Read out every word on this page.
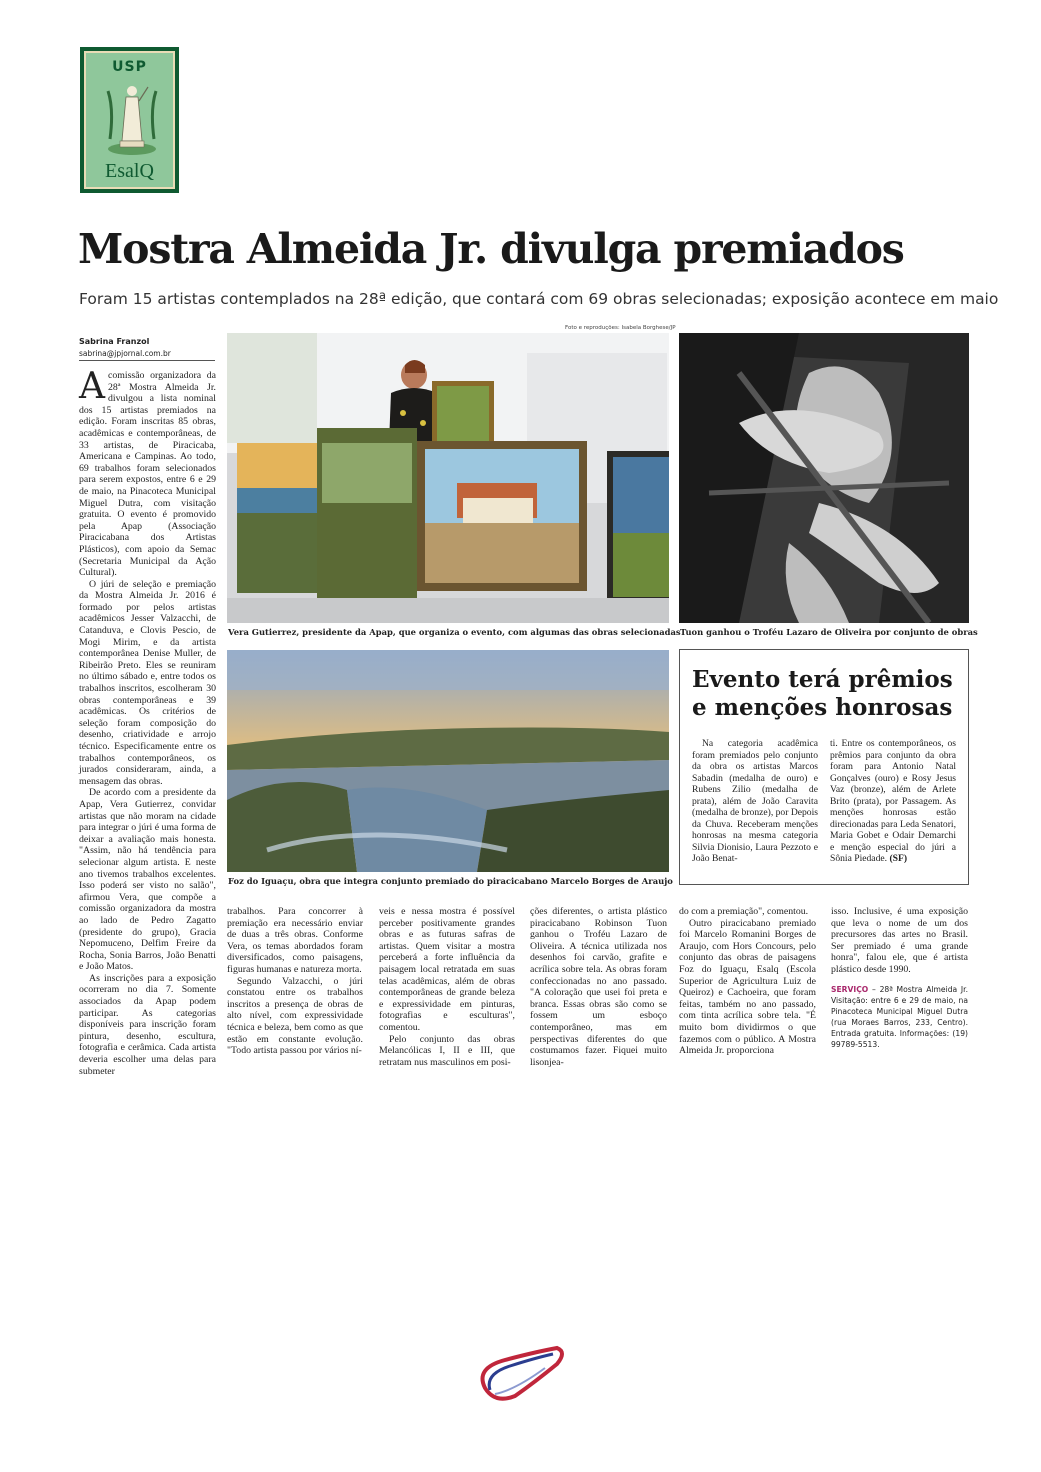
USP
EsalQ
Mostra Almeida Jr. divulga premiados
Foram 15 artistas contemplados na 28ª edição, que contará com 69 obras selecionadas; exposição acontece em maio
Sabrina Franzol
sabrina@jpjornal.com.br
Foto e reproduções: Isabela Borghese/JP
Vera Gutierrez, presidente da Apap, que organiza o evento, com algumas das obras selecionadas Tuon ganhou o Troféu Lazaro de Oliveira por conjunto de obras
Foz do Iguaçu, obra que integra conjunto premiado do piracicabano Marcelo Borges de Araujo

Acomissão organizadora da 28ª Mostra Almeida Jr. divulgou a lista nominal dos 15 artistas premiados na edição. Foram inscritas 85 obras, acadêmicas e contemporâneas, de 33 artistas, de Piracicaba, Americana e Campinas. Ao todo, 69 trabalhos foram selecionados para serem expostos, entre 6 e 29 de maio, na Pinacoteca Municipal Miguel Dutra, com visitação gratuita. O evento é promovido pela Apap (Associação Piracicabana dos Artistas Plásticos), com apoio da Semac (Secretaria Municipal da Ação Cultural).

O júri de seleção e premiação da Mostra Almeida Jr. 2016 é formado por pelos artistas acadêmicos Jesser Valzacchi, de Catanduva, e Clovis Pescio, de Mogi Mirim, e da artista contemporânea Denise Muller, de Ribeirão Preto. Eles se reuniram no último sábado e, entre todos os trabalhos inscritos, escolheram 30 obras contemporâneas e 39 acadêmicas. Os critérios de seleção foram composição do desenho, criatividade e arrojo técnico. Especificamente entre os trabalhos contemporâneos, os jurados consideraram, ainda, a mensagem das obras.

De acordo com a presidente da Apap, Vera Gutierrez, convidar artistas que não moram na cidade para integrar o júri é uma forma de deixar a avaliação mais honesta. "Assim, não há tendência para selecionar algum artista. E neste ano tivemos trabalhos excelentes. Isso poderá ser visto no salão", afirmou Vera, que compõe a comissão organizadora da mostra ao lado de Pedro Zagatto (presidente do grupo), Gracia Nepomuceno, Delfim Freire da Rocha, Sonia Barros, João Benatti e João Matos.

As inscrições para a exposição ocorreram no dia 7. Somente associados da Apap podem participar. As categorias disponíveis para inscrição foram pintura, desenho, escultura, fotografia e cerâmica. Cada artista deveria escolher uma delas para submeter

trabalhos. Para concorrer à premiação era necessário enviar de duas a três obras. Conforme Vera, os temas abordados foram diversificados, como paisagens, figuras humanas e natureza morta.

Segundo Valzacchi, o júri constatou entre os trabalhos inscritos a presença de obras de alto nível, com expressividade técnica e beleza, bem como as que estão em constante evolução. "Todo artista passou por vários ní-

veis e nessa mostra é possível perceber positivamente grandes obras e as futuras safras de artistas. Quem visitar a mostra perceberá a forte influência da paisagem local retratada em suas telas acadêmicas, além de obras contemporâneas de grande beleza e expressividade em pinturas, fotografias e esculturas", comentou.

Pelo conjunto das obras Melancólicas I, II e III, que retratam nus masculinos em posi-

ções diferentes, o artista plástico piracicabano Robinson Tuon ganhou o Troféu Lazaro de Oliveira. A técnica utilizada nos desenhos foi carvão, grafite e acrílica sobre tela. As obras foram confeccionadas no ano passado. "A coloração que usei foi preta e branca. Essas obras são como se fossem um esboço contemporâneo, mas em perspectivas diferentes do que costumamos fazer. Fiquei muito lisonjea-

do com a premiação", comentou.

Outro piracicabano premiado foi Marcelo Romanini Borges de Araujo, com Hors Concours, pelo conjunto das obras de paisagens Foz do Iguaçu, Esalq (Escola Superior de Agricultura Luiz de Queiroz) e Cachoeira, que foram feitas, também no ano passado, com tinta acrílica sobre tela. "É muito bom dividirmos o que fazemos com o público. A Mostra Almeida Jr. proporciona

isso. Inclusive, é uma exposição que leva o nome de um dos precursores das artes no Brasil. Ser premiado é uma grande honra", falou ele, que é artista plástico desde 1990.

SERVIÇO – 28ª Mostra Almeida Jr. Visitação: entre 6 e 29 de maio, na Pinacoteca Municipal Miguel Dutra (rua Moraes Barros, 233, Centro). Entrada gratuita. Informações: (19) 99789-5513.

Evento terá prêmios e menções honrosas

Na categoria acadêmica foram premiados pelo conjunto da obra os artistas Marcos Sabadin (medalha de ouro) e Rubens Zilio (medalha de prata), além de João Caravita (medalha de bronze), por Depois da Chuva. Receberam menções honrosas na mesma categoria Silvia Dionisio, Laura Pezzoto e João Benat-

ti. Entre os contemporâneos, os prêmios para conjunto da obra foram para Antonio Natal Gonçalves (ouro) e Rosy Jesus Vaz (bronze), além de Arlete Brito (prata), por Passagem. As menções honrosas estão direcionadas para Leda Senatori, Maria Gobet e Odair Demarchi e menção especial do júri a Sônia Piedade. (SF)
